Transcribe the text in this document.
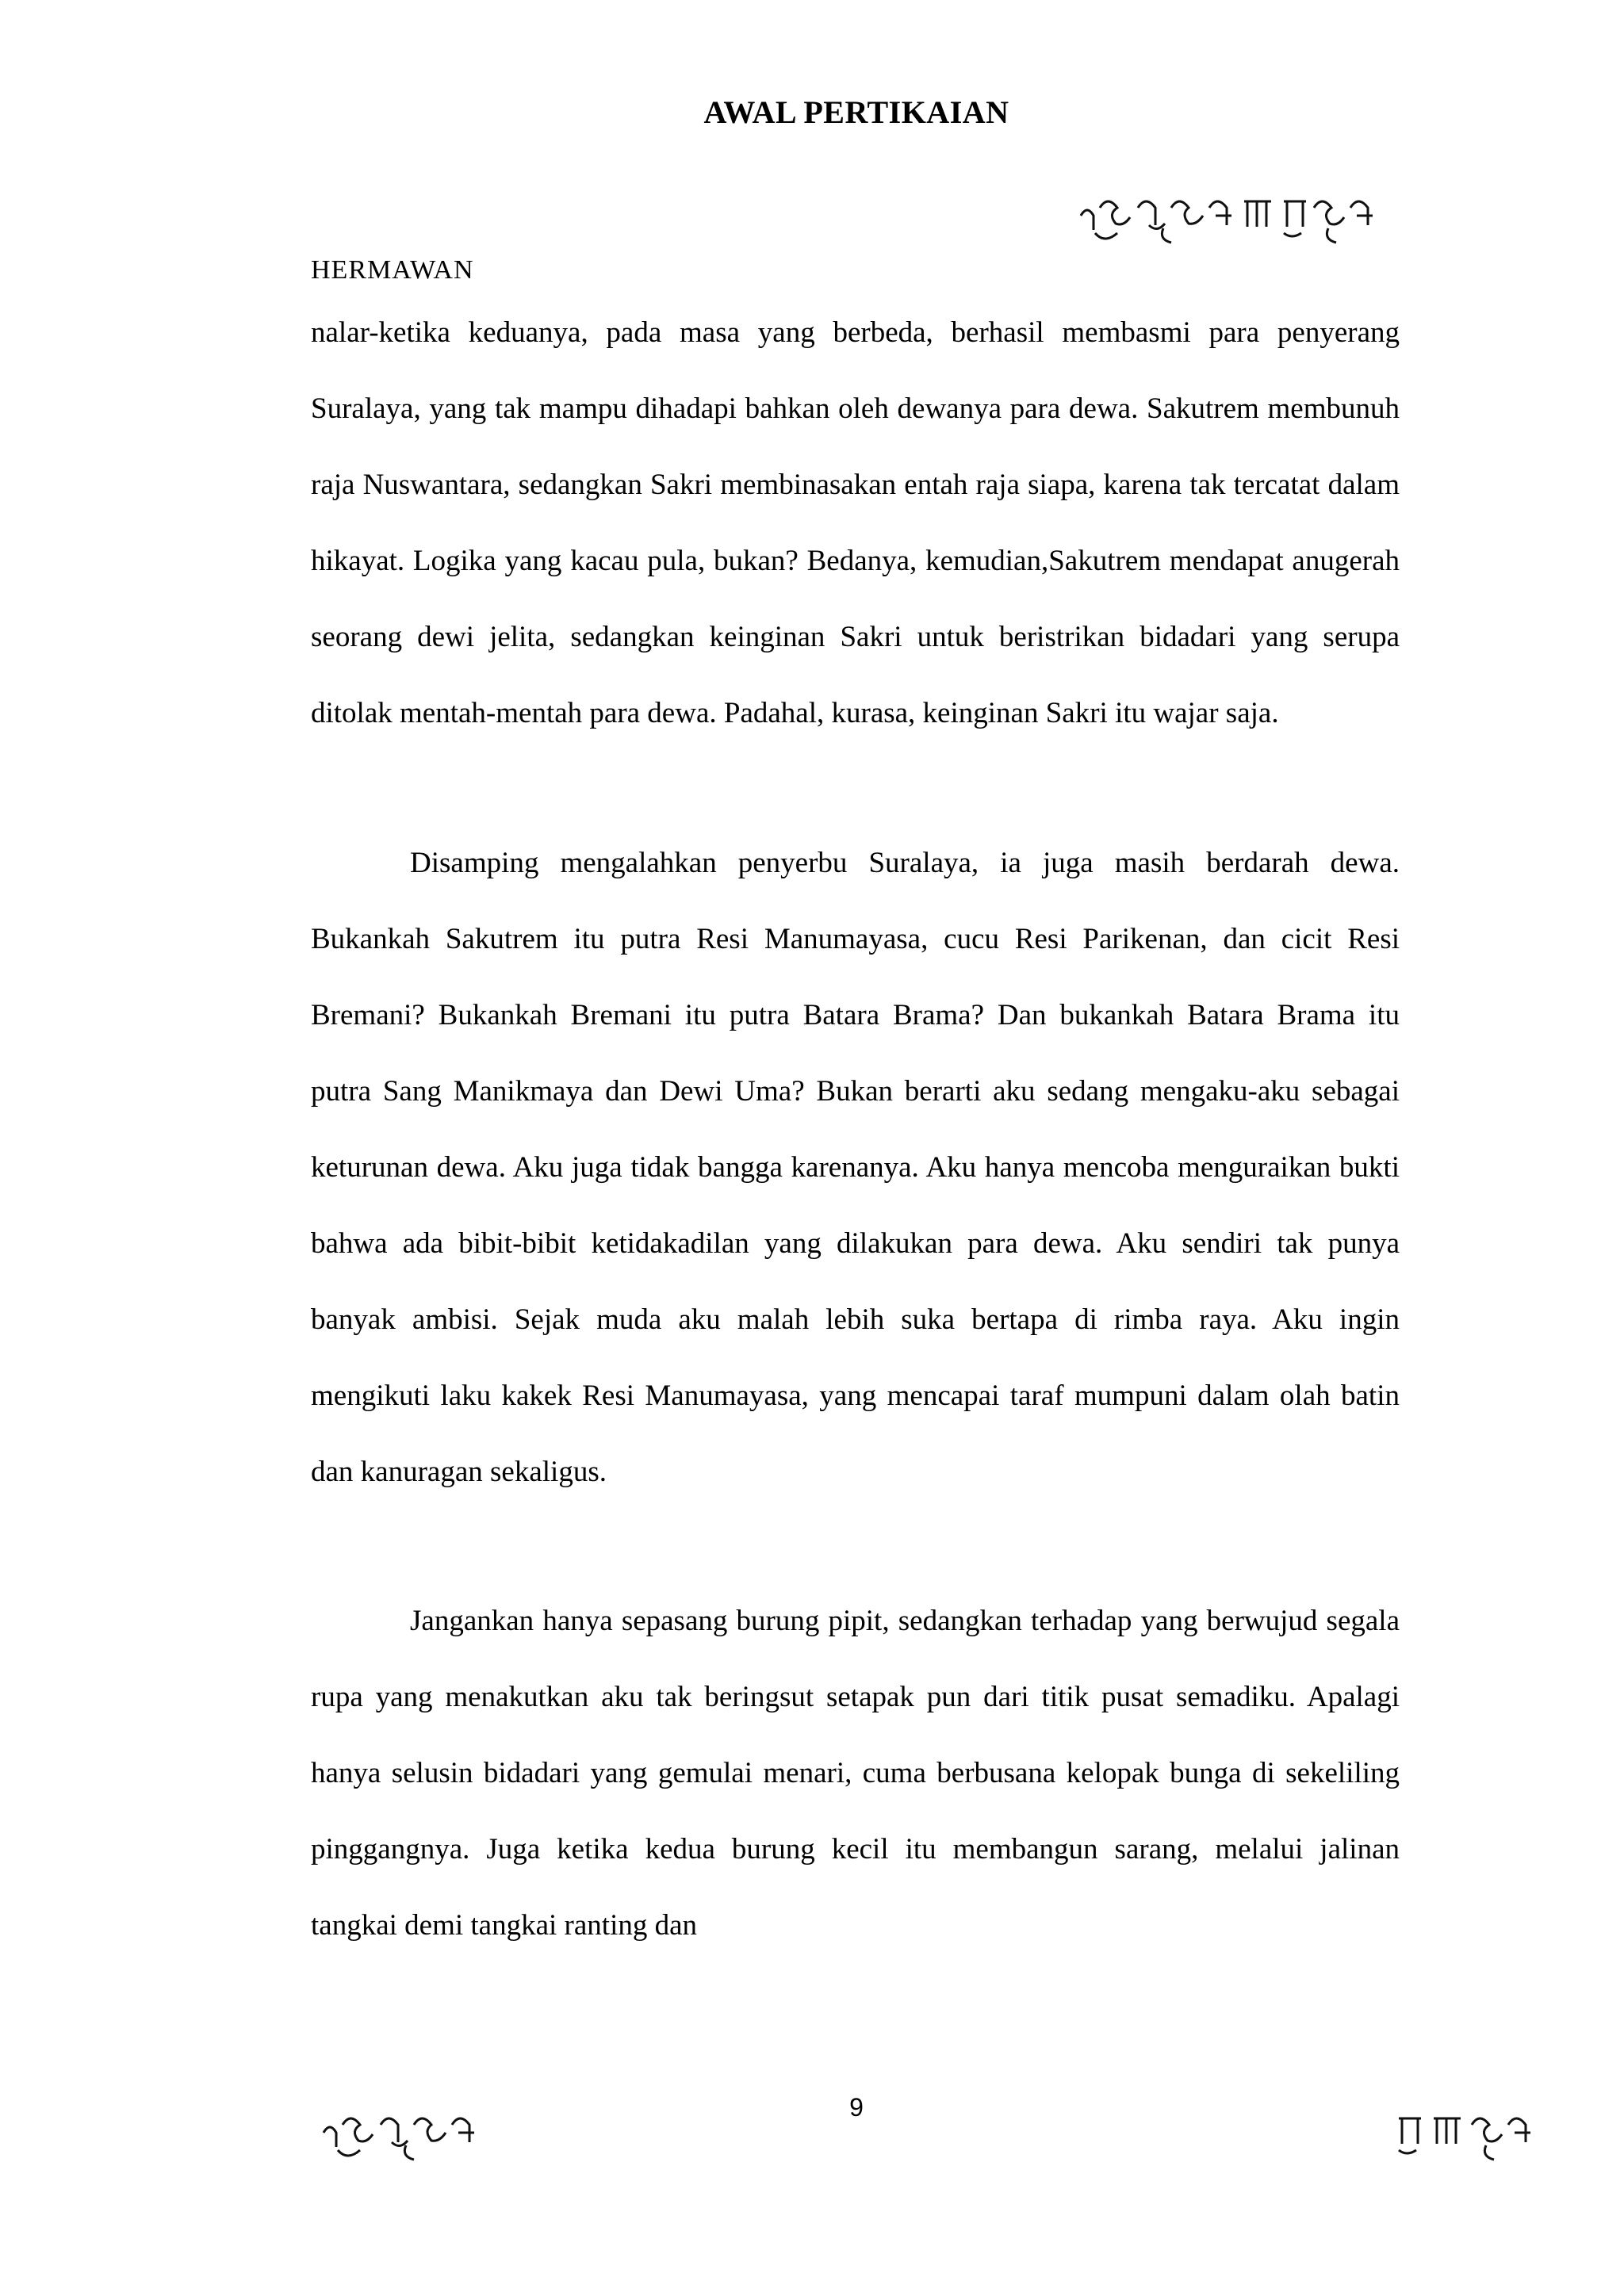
AWAL PERTIKAIAN
HERMAWAN

nalar-ketika keduanya, pada masa yang berbeda, berhasil membasmi para penyerang Suralaya, yang tak mampu dihadapi bahkan oleh dewanya para dewa. Sakutrem membunuh raja Nuswantara, sedangkan Sakri membinasakan entah raja siapa, karena tak tercatat dalam hikayat. Logika yang kacau pula, bukan? Bedanya, kemudian,Sakutrem mendapat anugerah seorang dewi jelita, sedangkan keinginan Sakri untuk beristrikan bidadari yang serupa ditolak mentah-mentah para dewa. Padahal, kurasa, keinginan Sakri itu wajar saja.

Disamping mengalahkan penyerbu Suralaya, ia juga masih berdarah dewa. Bukankah Sakutrem itu putra Resi Manumayasa, cucu Resi Parikenan, dan cicit Resi Bremani? Bukankah Bremani itu putra Batara Brama? Dan bukankah Batara Brama itu putra Sang Manikmaya dan Dewi Uma? Bukan berarti aku sedang mengaku-aku sebagai keturunan dewa. Aku juga tidak bangga karenanya. Aku hanya mencoba menguraikan bukti bahwa ada bibit-bibit ketidakadilan yang dilakukan para dewa. Aku sendiri tak punya banyak ambisi. Sejak muda aku malah lebih suka bertapa di rimba raya. Aku ingin mengikuti laku kakek Resi Manumayasa, yang mencapai taraf mumpuni dalam olah batin dan kanuragan sekaligus.

Jangankan hanya sepasang burung pipit, sedangkan terhadap yang berwujud segala rupa yang menakutkan aku tak beringsut setapak pun dari titik pusat semadiku. Apalagi hanya selusin bidadari yang gemulai menari, cuma berbusana kelopak bunga di sekeliling pinggangnya. Juga ketika kedua burung kecil itu membangun sarang, melalui jalinan tangkai demi tangkai ranting dan

9
